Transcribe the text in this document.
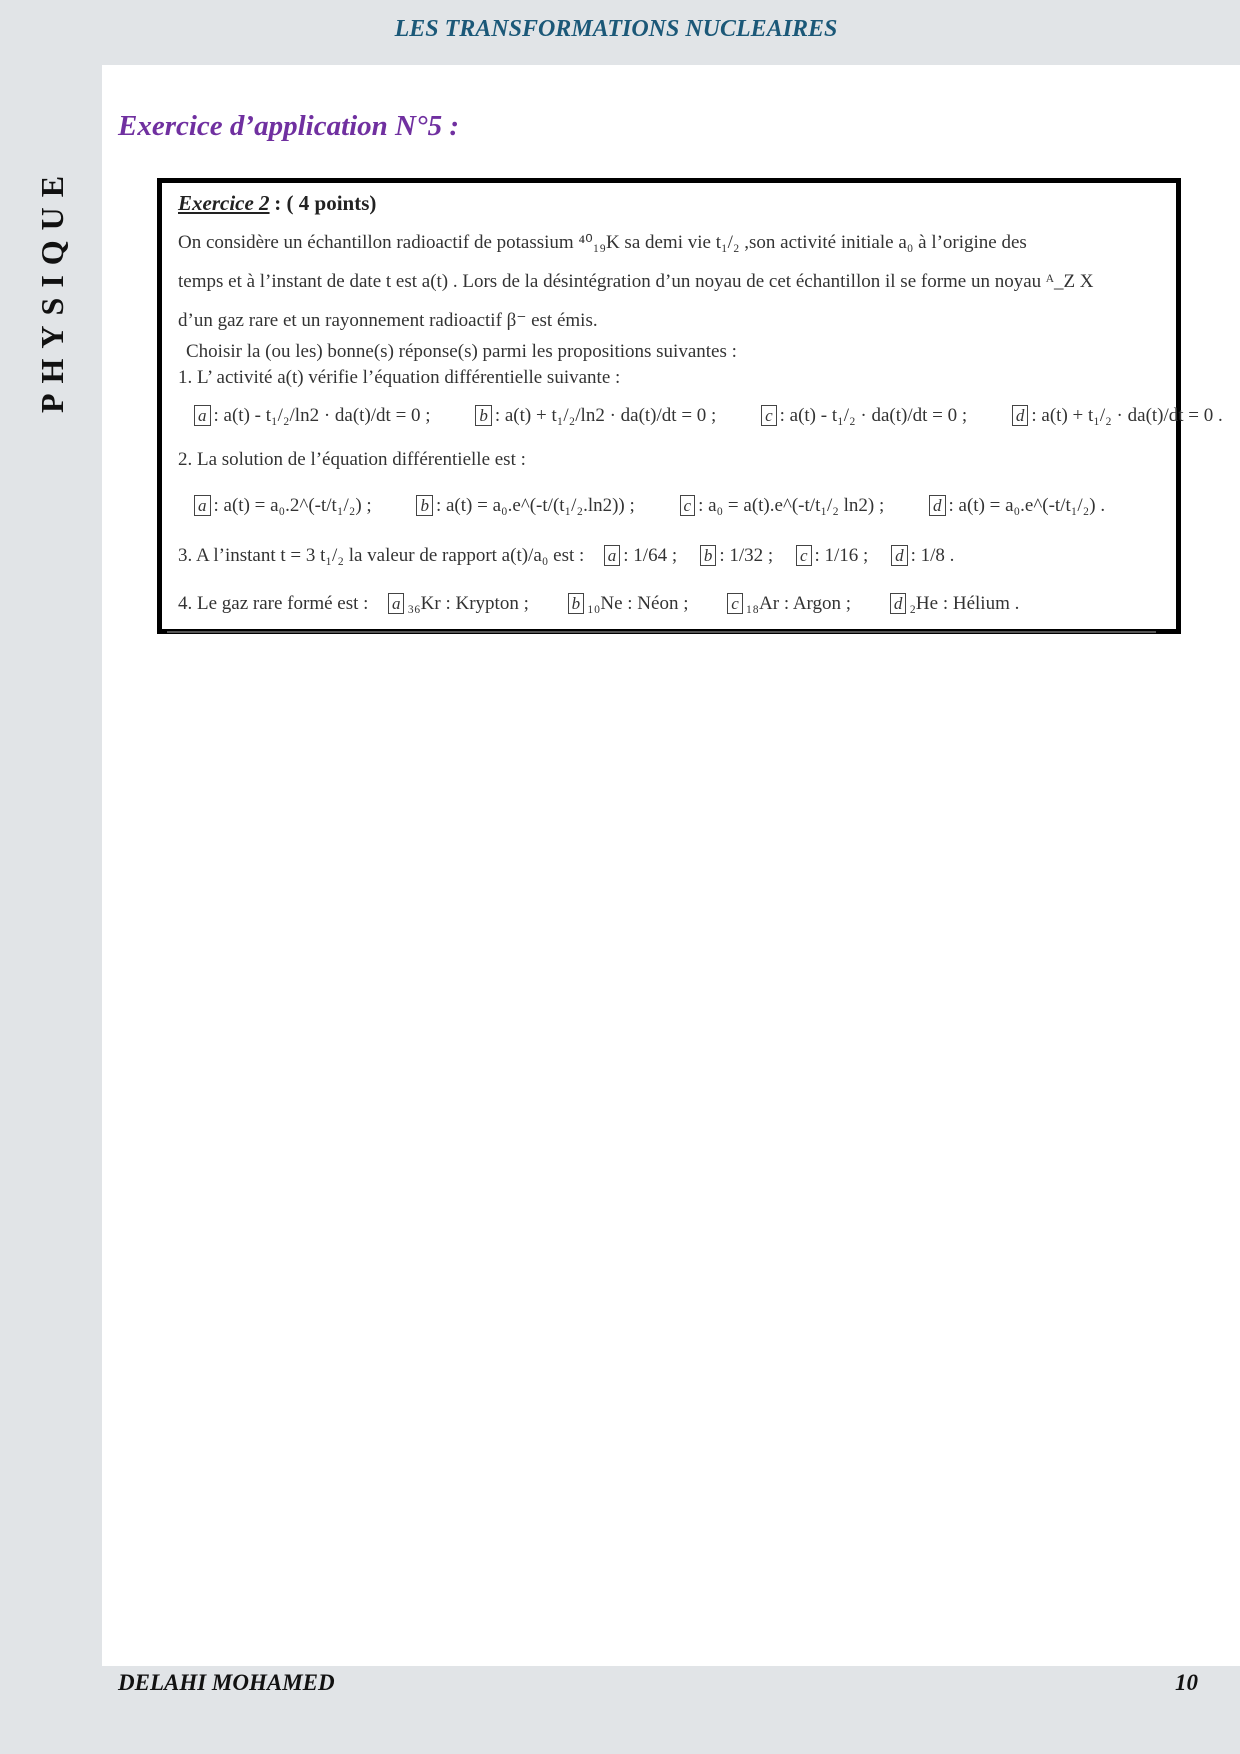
LES TRANSFORMATIONS NUCLEAIRES
PHYSIQUE
Exercice d’application N°5 :
Exercice 2 : ( 4 points)
On considère un échantillon radioactif de potassium ⁴⁰₁₉K sa demi vie t₁/₂ ,son activité initiale a₀ à l’origine des
temps et à l’instant de date t est a(t) . Lors de la désintégration d’un noyau de cet échantillon il se forme un noyau ᴬ_Z X
d’un gaz rare et un rayonnement radioactif β⁻ est émis.
Choisir la (ou les) bonne(s) réponse(s) parmi les propositions suivantes :
1. L’ activité a(t) vérifie l’équation différentielle suivante :
a : a(t) - t₁/₂/ln2 · da(t)/dt = 0 ;	b : a(t) + t₁/₂/ln2 · da(t)/dt = 0 ;	c : a(t) - t₁/₂ · da(t)/dt = 0 ;	d : a(t) + t₁/₂ · da(t)/dt = 0 .
2. La solution de l’équation différentielle est :
a : a(t) = a₀.2^(-t/t₁/₂) ;	b : a(t) = a₀.e^(-t/(t₁/₂.ln2)) ;	c : a₀ = a(t).e^(-t/t₁/₂ ln2) ;	d : a(t) = a₀.e^(-t/t₁/₂) .
3. A l’instant t = 3 t₁/₂ la valeur de rapport a(t)/a₀ est : a : 1/64 ; b : 1/32 ; c : 1/16 ; d : 1/8 .
4. Le gaz rare formé est : a ₃₆Kr : Krypton ;	b ₁₀Ne : Néon ;	c ₁₈Ar : Argon ;	d ₂He : Hélium .
DELAHI MOHAMED	10
